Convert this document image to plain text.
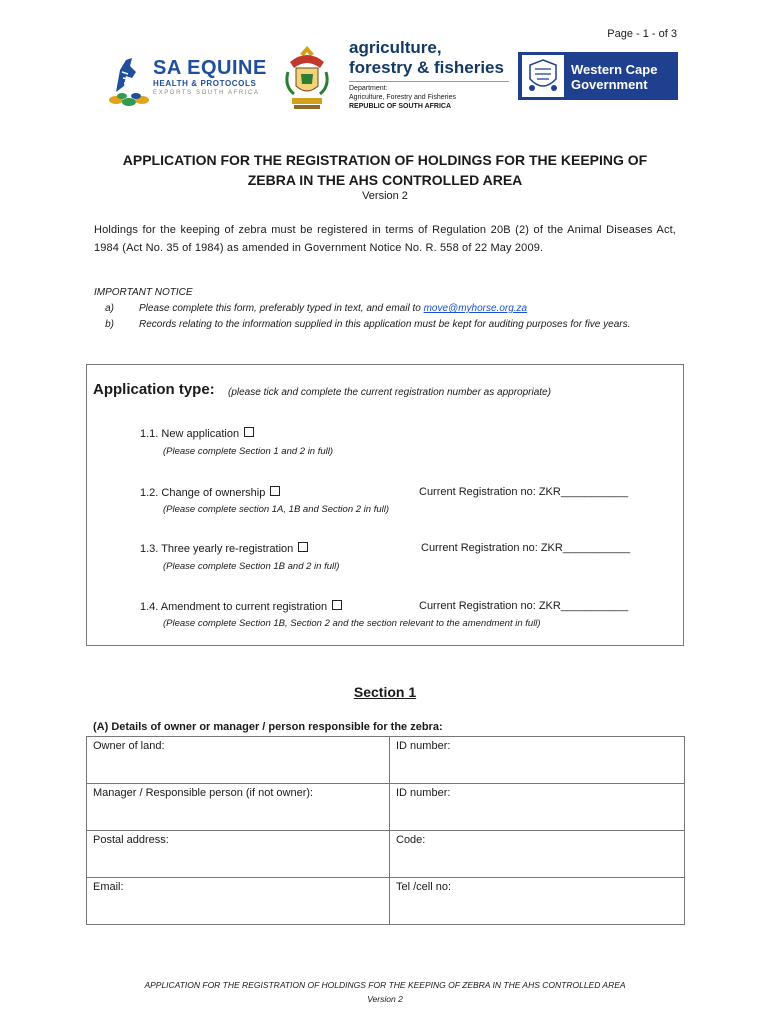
Page - 1 - of 3
SA EQUINE
HEALTH & PROTOCOLS
EXPORTS SOUTH AFRICA
agriculture,
forestry & fisheries
Department:
Agriculture, Forestry and Fisheries
REPUBLIC OF SOUTH AFRICA
Western Cape
Government
APPLICATION FOR THE REGISTRATION OF HOLDINGS FOR THE KEEPING OF
ZEBRA IN THE AHS CONTROLLED AREA
Version 2
Holdings for the keeping of zebra must be registered in terms of Regulation 20B (2) of the Animal Diseases Act, 1984 (Act No. 35 of 1984) as amended in Government Notice No. R. 558 of 22 May 2009.
IMPORTANT NOTICE
a)	Please complete this form, preferably typed in text, and email to move@myhorse.org.za
b)	Records relating to the information supplied in this application must be kept for auditing purposes for five years.
Application type: (please tick and complete the current registration number as appropriate)
1.1. New application
(Please complete Section 1 and 2 in full)
1.2. Change of ownership	Current Registration no: ZKR___________
(Please complete section 1A, 1B and Section 2 in full)
1.3. Three yearly re-registration	Current Registration no: ZKR___________
(Please complete Section 1B and 2 in full)
1.4. Amendment to current registration	Current Registration no: ZKR___________
(Please complete Section 1B, Section 2 and the section relevant to the amendment in full)
Section 1
(A) Details of owner or manager / person responsible for the zebra:
Owner of land:	ID number:
Manager / Responsible person (if not owner):	ID number:
Postal address:	Code:
Email:	Tel /cell no:
APPLICATION FOR THE REGISTRATION OF HOLDINGS FOR THE KEEPING OF ZEBRA IN THE AHS CONTROLLED AREA
Version 2
